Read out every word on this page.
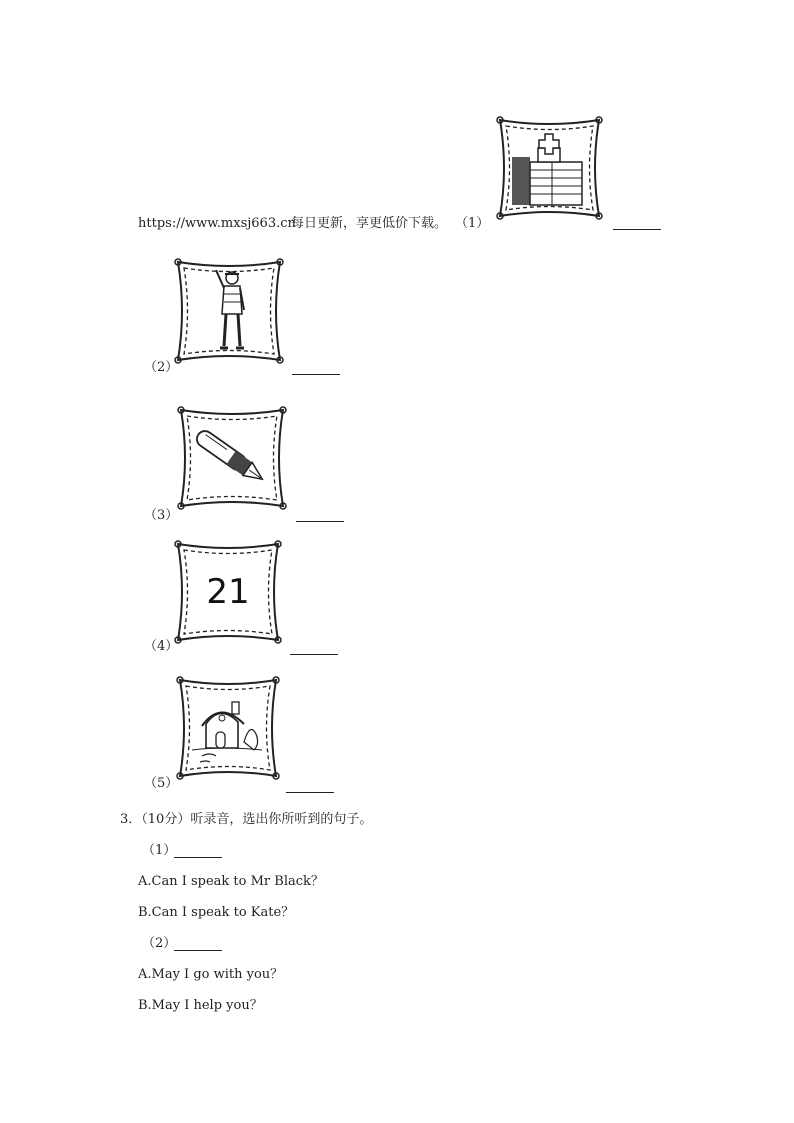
https://www.mxsj663.cn
每日更新，享更低价下载。 （1）
（2）
（3）
21
（4）
（5）
3．（10分）听录音，选出你所听到的句子。
（1）
A.Can I speak to Mr Black？
B.Can I speak to Kate？
（2）
A.May I go with you？
B.May I help you？
